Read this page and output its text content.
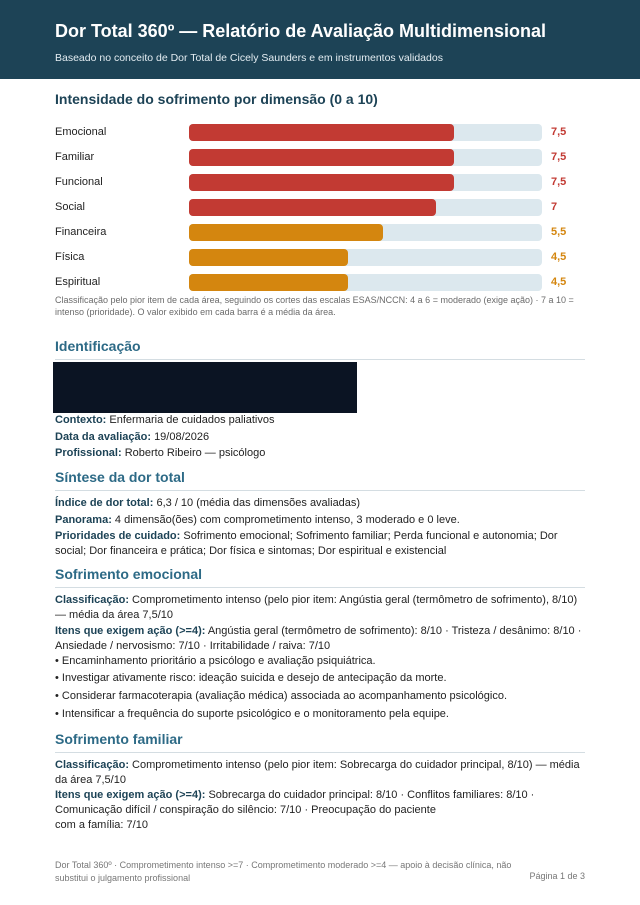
Dor Total 360º — Relatório de Avaliação Multidimensional

Baseado no conceito de Dor Total de Cicely Saunders e em instrumentos validados

Intensidade do sofrimento por dimensão (0 a 10)
Emocional	7,5
Familiar	7,5
Funcional	7,5
Social	7
Financeira	5,5
Física	4,5
Espiritual	4,5
Classificação pelo pior item de cada área, seguindo os cortes das escalas ESAS/NCCN: 4 a 6 = moderado (exige ação) · 7 a 10 = intenso (prioridade). O valor exibido em cada barra é a média da área.
Identificação
Contexto: Enfermaria de cuidados paliativos
Data da avaliação: 19/08/2026
Profissional: Roberto Ribeiro — psicólogo
Síntese da dor total
Índice de dor total: 6,3 / 10 (média das dimensões avaliadas)
Panorama: 4 dimensão(ões) com comprometimento intenso, 3 moderado e 0 leve.
Prioridades de cuidado: Sofrimento emocional; Sofrimento familiar; Perda funcional e autonomia; Dor social; Dor financeira e prática; Dor física e sintomas; Dor espiritual e existencial
Sofrimento emocional
Classificação: Comprometimento intenso (pelo pior item: Angústia geral (termômetro de sofrimento), 8/10) — média da área 7,5/10
Itens que exigem ação (>=4): Angústia geral (termômetro de sofrimento): 8/10 · Tristeza / desânimo: 8/10 · Ansiedade / nervosismo: 7/10 · Irritabilidade / raiva: 7/10
• Encaminhamento prioritário a psicólogo e avaliação psiquiátrica.
• Investigar ativamente risco: ideação suicida e desejo de antecipação da morte.
• Considerar farmacoterapia (avaliação médica) associada ao acompanhamento psicológico.
• Intensificar a frequência do suporte psicológico e o monitoramento pela equipe.
Sofrimento familiar
Classificação: Comprometimento intenso (pelo pior item: Sobrecarga do cuidador principal, 8/10) — média da área 7,5/10
Itens que exigem ação (>=4): Sobrecarga do cuidador principal: 8/10 · Conflitos familiares: 8/10 · Comunicação difícil / conspiração do silêncio: 7/10 · Preocupação do paciente
com a família: 7/10
Dor Total 360º · Comprometimento intenso >=7 · Comprometimento moderado >=4 — apoio à decisão clínica, não substitui o julgamento profissional	Página 1 de 3
